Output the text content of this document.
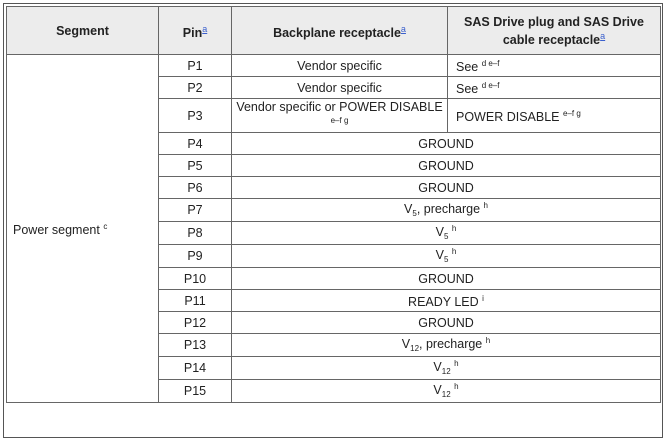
Segment	Pin$^a$	Backplane receptacle$^a$	SAS Drive plug and SAS Drive cable receptacle$^a$
Power segment $^c$	P1	Vendor specific	See $^{d e-f}$
	P2	Vendor specific	See $^{d e-f}$
	P3	Vendor specific or POWER DISABLE $^{e-f g}$	POWER DISABLE $^{e-f g}$
	P4	GROUND	
	P5	GROUND	
	P6	GROUND	
	P7	$V_5$, precharge $^h$
	P8	$V_5$ $^h$
	P9	$V_5$ $^h$
	P10	GROUND	
	P11	READY LED $^i$
	P12	GROUND	
	P13	$V_{12}$, precharge $^h$
	P14	$V_{12}$ $^h$
	P15	$V_{12}$ $^h$
